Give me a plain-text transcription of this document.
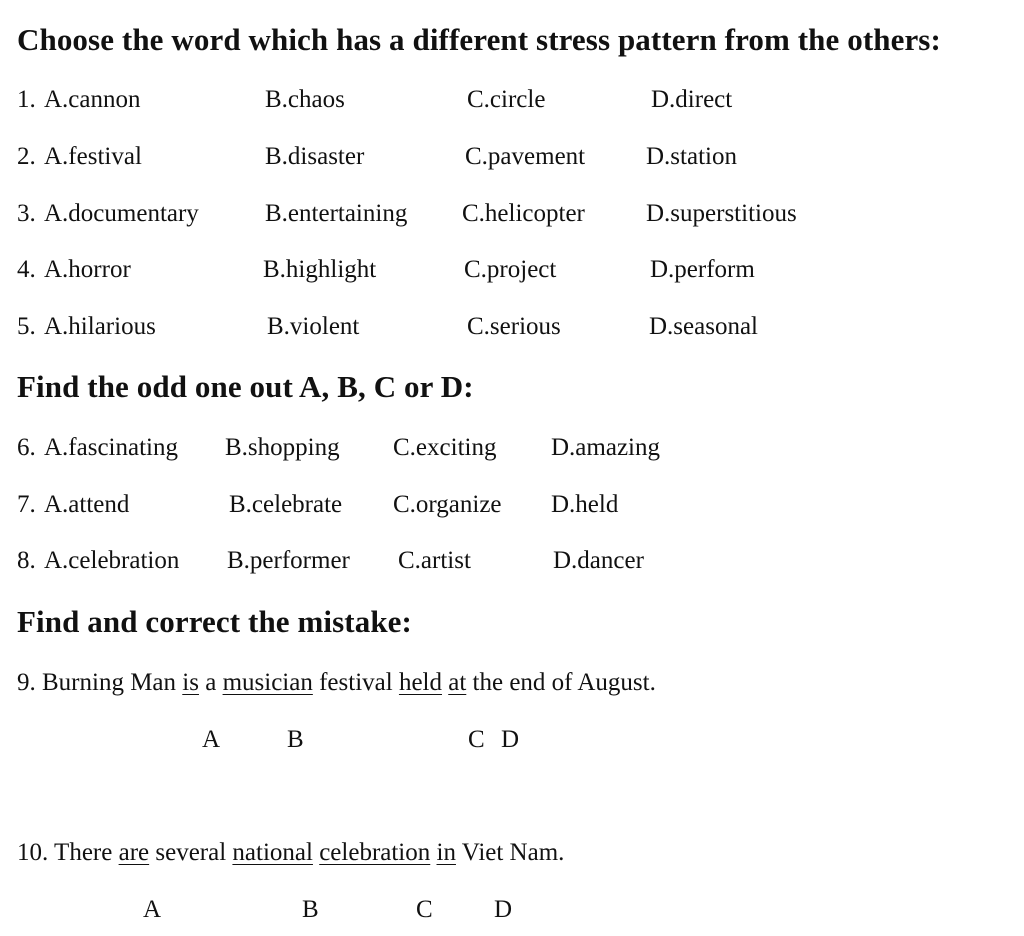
Choose the word which has a different stress pattern from the others:
1. A.cannon	B.chaos	C.circle	D.direct
2. A.festival	B.disaster	C.pavement D.station
3. A.documentary	B.entertaining C.helicopter D.superstitious
4. A.horror	B.highlight	C.project	D.perform
5. A.hilarious	B.violent	C.serious	D.seasonal
Find the odd one out A, B, C or D:
6. A.fascinating B.shopping C.exciting D.amazing
7. A.attend	B.celebrate C.organize D.held
8. A.celebration B.performer C.artist	D.dancer
Find and correct the mistake:
9. Burning Man is a musician festival held at the end of August.
A	B	C D
10. There are several national celebration in Viet Nam.
A	B	C D
